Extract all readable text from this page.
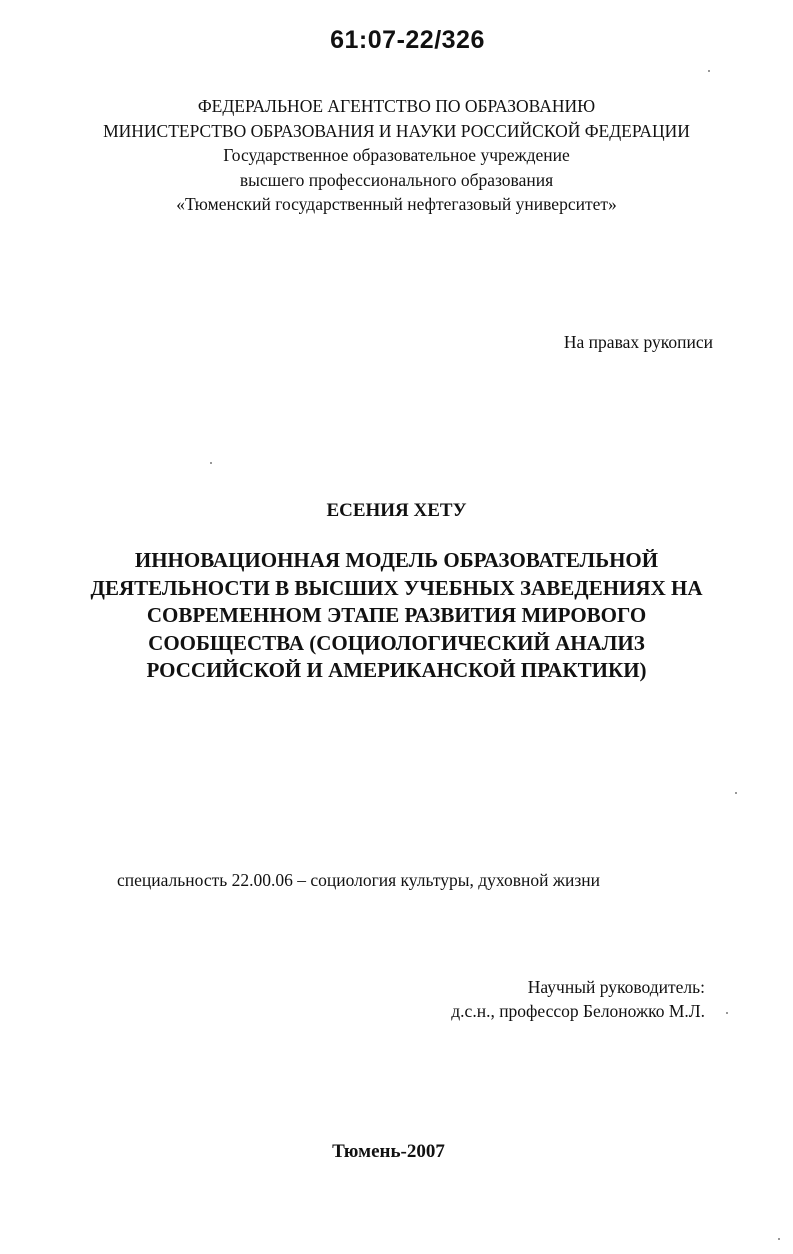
61:07-22/326
ФЕДЕРАЛЬНОЕ АГЕНТСТВО ПО ОБРАЗОВАНИЮ
МИНИСТЕРСТВО ОБРАЗОВАНИЯ И НАУКИ РОССИЙСКОЙ ФЕДЕРАЦИИ
Государственное образовательное учреждение
высшего профессионального образования
«Тюменский государственный нефтегазовый университет»
На правах рукописи
ЕСЕНИЯ ХЕТУ
ИННОВАЦИОННАЯ МОДЕЛЬ ОБРАЗОВАТЕЛЬНОЙ
ДЕЯТЕЛЬНОСТИ В ВЫСШИХ УЧЕБНЫХ ЗАВЕДЕНИЯХ НА
СОВРЕМЕННОМ ЭТАПЕ РАЗВИТИЯ МИРОВОГО
СООБЩЕСТВА (СОЦИОЛОГИЧЕСКИЙ АНАЛИЗ
РОССИЙСКОЙ И АМЕРИКАНСКОЙ ПРАКТИКИ)
специальность 22.00.06 – социология культуры, духовной жизни
Научный руководитель:
д.с.н., профессор Белоножко М.Л.
Тюмень-2007
